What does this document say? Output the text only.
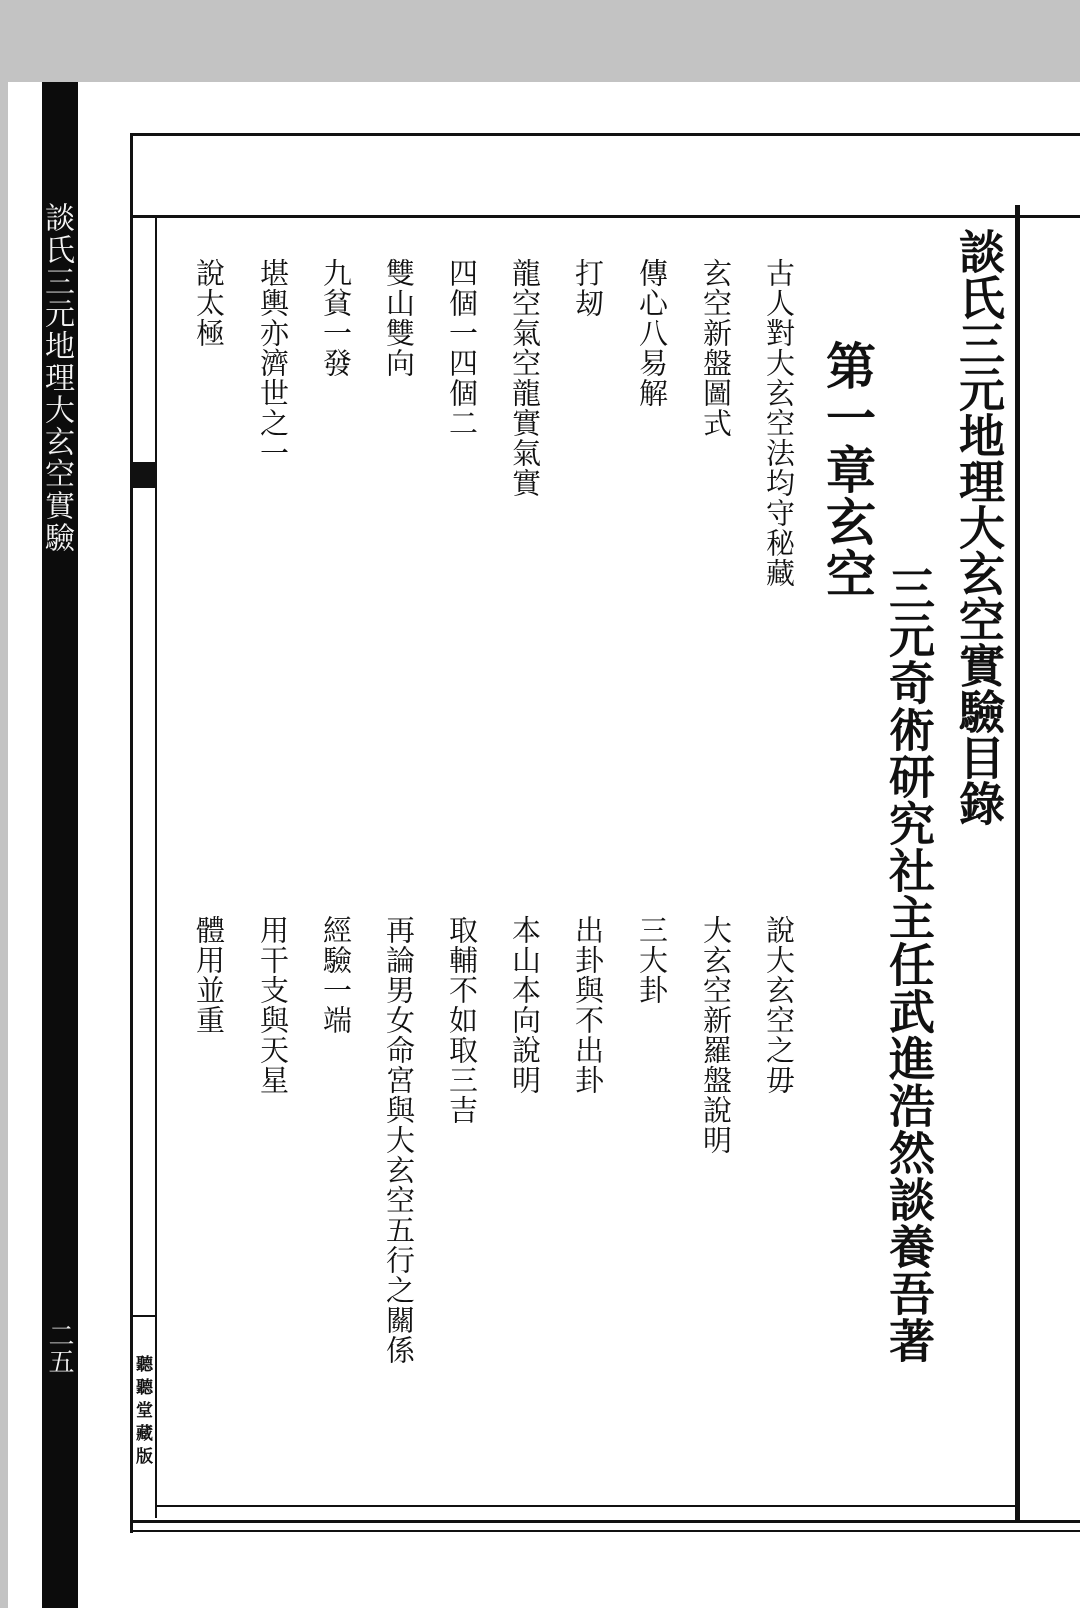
談氏三元地理大玄空實驗
二五
聽聽堂藏版
談氏三元地理大玄空實驗目錄
三元奇術研究社主任武進浩然談養吾著
第一章玄空
古人對大玄空法均守秘藏
說大玄空之毋
玄空新盤圖式
大玄空新羅盤說明
傳心八易解
三大卦
打刼
出卦與不出卦
龍空氣空龍實氣實
本山本向說明
四個一四個二
取輔不如取三吉
雙山雙向
再論男女命宮與大玄空五行之關係
九貧一發
經驗一端
堪輿亦濟世之一
用干支與天星
說太極
體用並重
